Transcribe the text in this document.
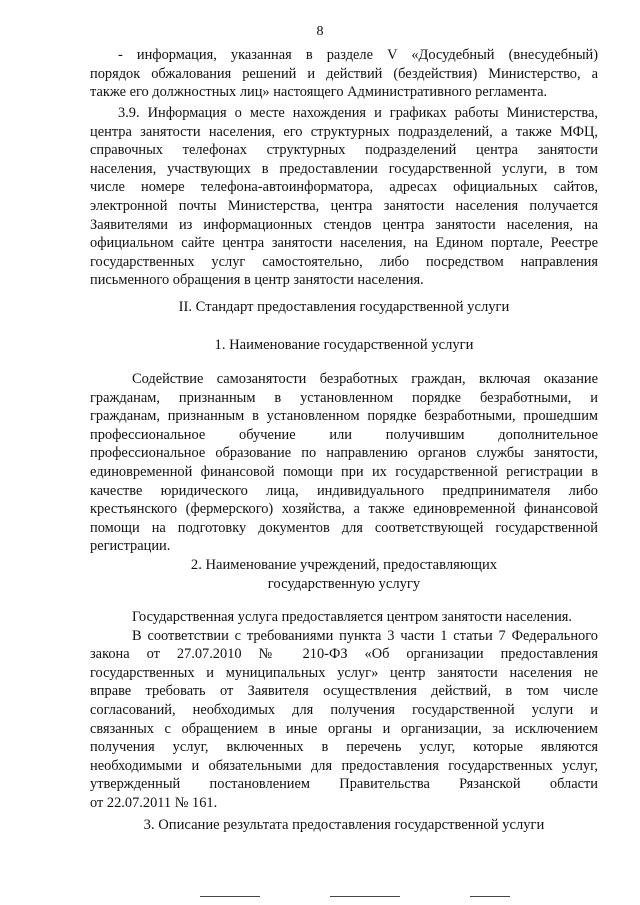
8
- информация, указанная в разделе V «Досудебный (внесудебный)
порядок обжалования решений и действий (бездействия) Министерство, а
также его должностных лиц» настоящего Административного регламента.
3.9. Информация о месте нахождения и графиках работы Министерства,
центра занятости населения, его структурных подразделений, а также МФЦ,
справочных телефонах структурных подразделений центра занятости
населения, участвующих в предоставлении государственной услуги, в том
числе номере телефона-автоинформатора, адресах официальных сайтов,
электронной почты Министерства, центра занятости населения получается
Заявителями из информационных стендов центра занятости населения, на
официальном сайте центра занятости населения, на Едином портале, Реестре
государственных услуг самостоятельно, либо посредством направления
письменного обращения в центр занятости населения.
II. Стандарт предоставления государственной услуги
1. Наименование государственной услуги
Содействие самозанятости безработных граждан, включая оказание
гражданам, признанным в установленном порядке безработными, и
гражданам, признанным в установленном порядке безработными, прошедшим
профессиональное обучение или получившим дополнительное
профессиональное образование по направлению органов службы занятости,
единовременной финансовой помощи при их государственной регистрации в
качестве юридического лица, индивидуального предпринимателя либо
крестьянского (фермерского) хозяйства, а также единовременной финансовой
помощи на подготовку документов для соответствующей государственной
регистрации.
2. Наименование учреждений, предоставляющих
государственную услугу
Государственная услуга предоставляется центром занятости населения.
В соответствии с требованиями пункта 3 части 1 статьи 7 Федерального
закона от 27.07.2010 № 210-ФЗ «Об организации предоставления
государственных и муниципальных услуг» центр занятости населения не
вправе требовать от Заявителя осуществления действий, в том числе
согласований, необходимых для получения государственной услуги и
связанных с обращением в иные органы и организации, за исключением
получения услуг, включенных в перечень услуг, которые являются
необходимыми и обязательными для предоставления государственных услуг,
утвержденный постановлением Правительства Рязанской области
от 22.07.2011 № 161.
3. Описание результата предоставления государственной услуги
